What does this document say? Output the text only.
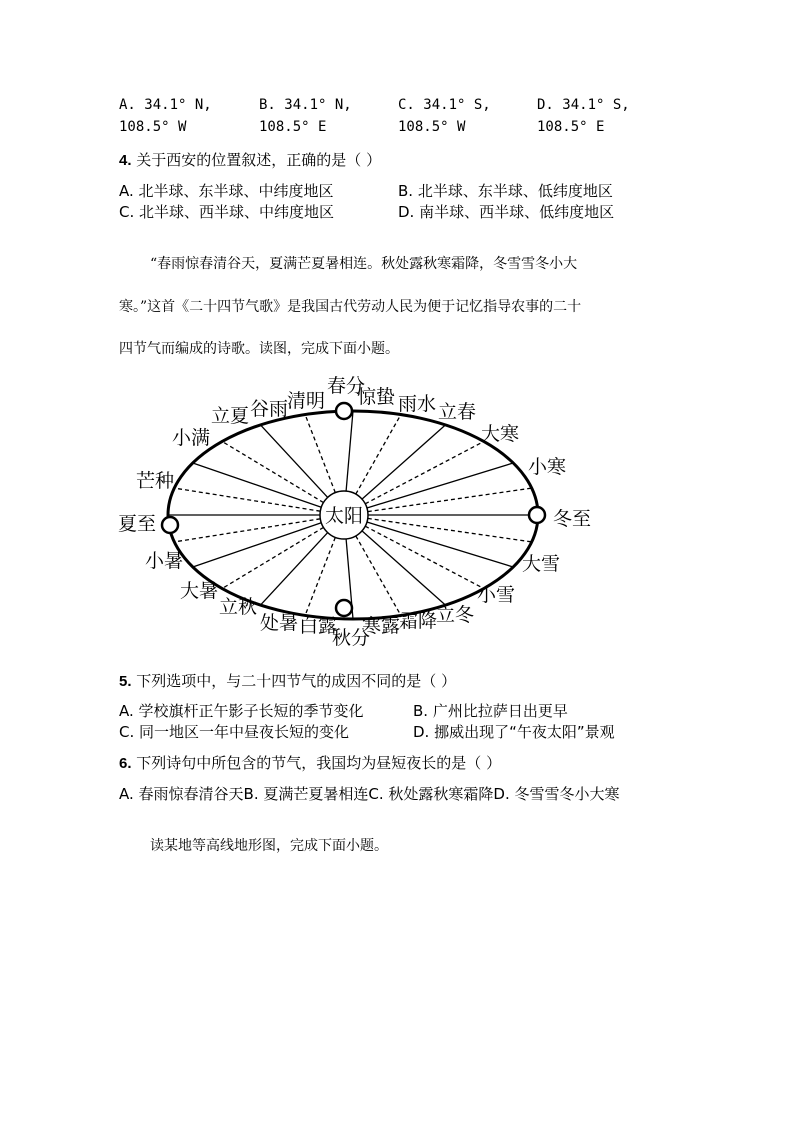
A. 34.1° N,
108.5° W
B. 34.1° N,
108.5° E
C. 34.1° S,
108.5° W
D. 34.1° S,
108.5° E
4. 关于西安的位置叙述，正确的是（ ）
A. 北半球、东半球、中纬度地区	B. 北半球、东半球、低纬度地区
C. 北半球、西半球、中纬度地区	D. 南半球、西半球、低纬度地区
“春雨惊春清谷天，夏满芒夏暑相连。秋处露秋寒霜降，冬雪雪冬小大
寒。”这首《二十四节气歌》是我国古代劳动人民为便于记忆指导农事的二十
四节气而编成的诗歌。读图，完成下面小题。
太阳
春分
惊蛰 雨水 立春
大寒
小寒
冬至
大雪
小雪
立冬
霜降
寒露
秋分
白露
处暑
立秋
大暑
小暑
夏至
芒种
小满
立夏 谷雨
清明
5. 下列选项中，与二十四节气的成因不同的是（ ）
A. 学校旗杆正午影子长短的季节变化	B. 广州比拉萨日出更早
C. 同一地区一年中昼夜长短的变化	D. 挪威出现了“午夜太阳”景观
6. 下列诗句中所包含的节气，我国均为昼短夜长的是（ ）
A. 春雨惊春清谷天B. 夏满芒夏暑相连C. 秋处露秋寒霜降D. 冬雪雪冬小大寒
读某地等高线地形图，完成下面小题。
